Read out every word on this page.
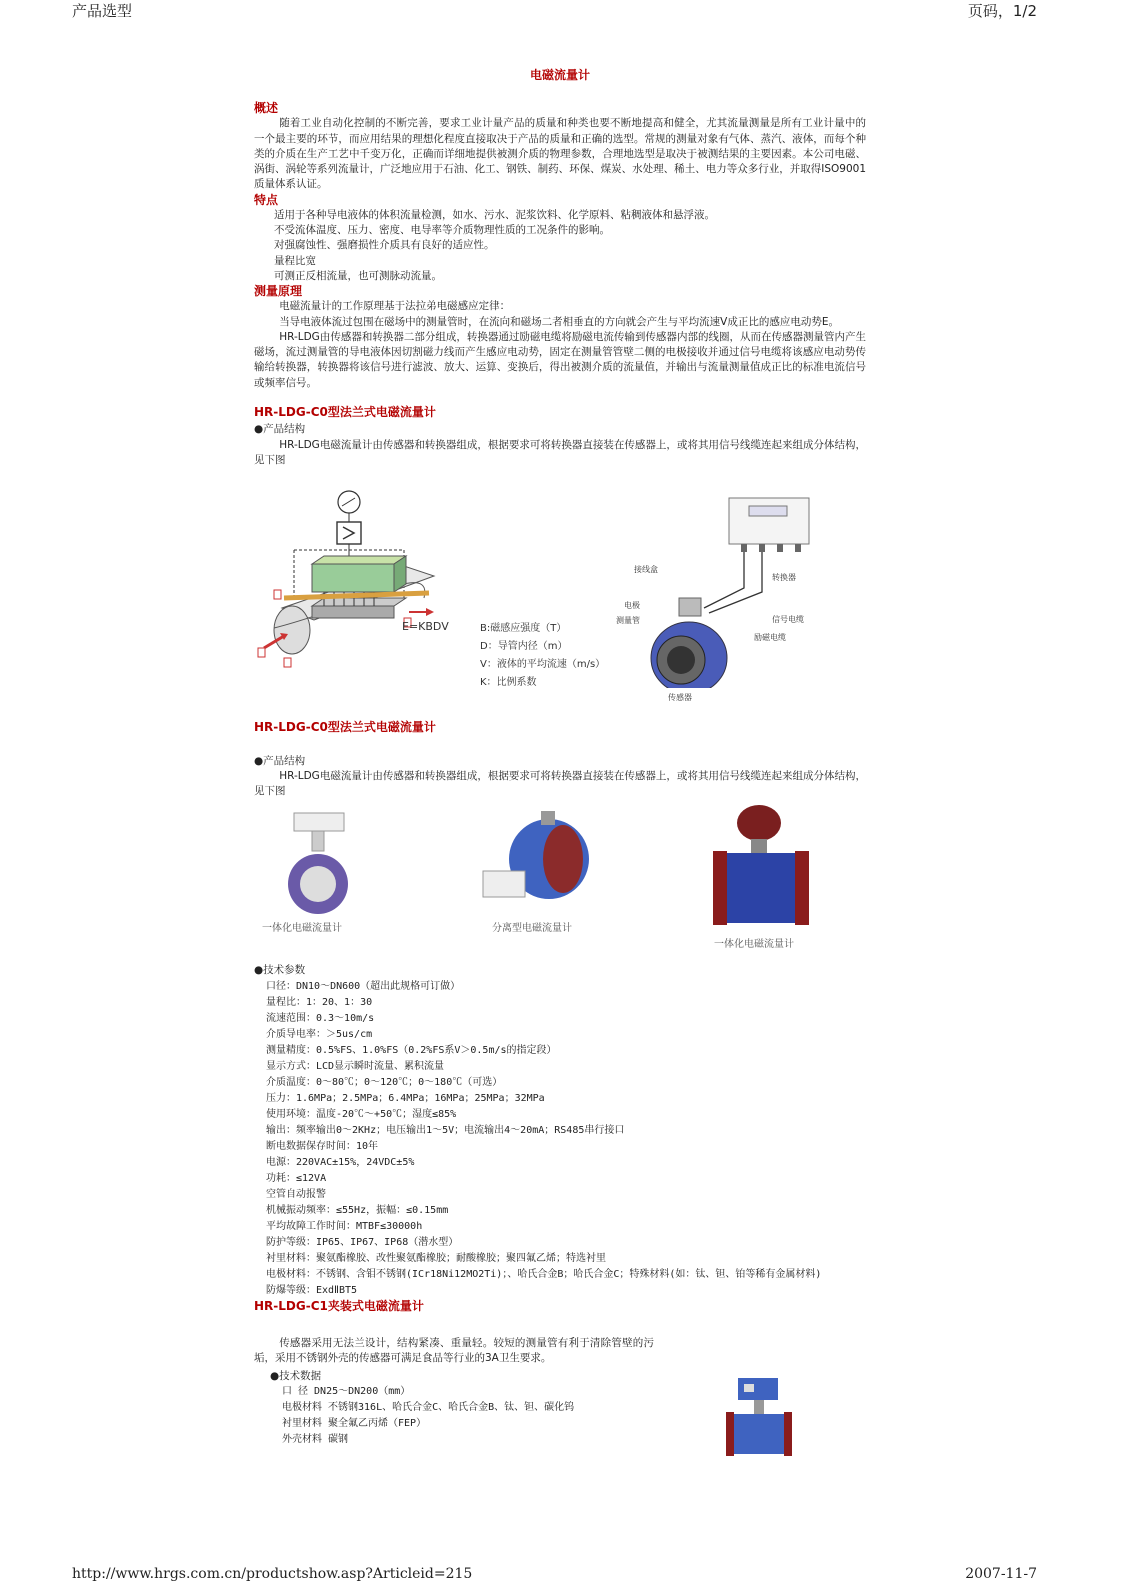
产品选型	页码，1/2
电磁流量计
概述

随着工业自动化控制的不断完善，要求工业计量产品的质量和种类也要不断地提高和健全，尤其流量测量是所有工业计量中的一个最主要的环节，而应用结果的理想化程度直接取决于产品的质量和正确的选型。常规的测量对象有气体、蒸汽、液体，而每个种类的介质在生产工艺中千变万化，正确而详细地提供被测介质的物理参数，合理地选型是取决于被测结果的主要因素。本公司电磁、涡街、涡轮等系列流量计，广泛地应用于石油、化工、钢铁、制药、环保、煤炭、水处理、稀土、电力等众多行业，并取得ISO9001质量体系认证。

特点
适用于各种导电液体的体积流量检测，如水、污水、泥浆饮料、化学原料、粘稠液体和悬浮液。
不受流体温度、压力、密度、电导率等介质物理性质的工况条件的影响。
对强腐蚀性、强磨损性介质具有良好的适应性。
量程比宽
可测正反相流量，也可测脉动流量。
测量原理

电磁流量计的工作原理基于法拉弟电磁感应定律：

当导电液体流过包围在磁场中的测量管时，在流向和磁场二者相垂直的方向就会产生与平均流速V成正比的感应电动势E。

HR-LDG由传感器和转换器二部分组成，转换器通过励磁电缆将励磁电流传输到传感器内部的线圈，从而在传感器测量管内产生磁场，流过测量管的导电液体因切割磁力线而产生感应电动势，固定在测量管管壁二侧的电极接收并通过信号电缆将该感应电动势传输给转换器，转换器将该信号进行滤波、放大、运算、变换后，得出被测介质的流量值，并输出与流量测量值成正比的标准电流信号或频率信号。

HR-LDG-C0型法兰式电磁流量计
●产品结构

HR-LDG电磁流量计由传感器和转换器组成，根据要求可将转换器直接装在传感器上，或将其用信号线缆连起来组成分体结构，见下图

E=KBDV	B:磁感应强度（T）
D：导管内径（m）
V：液体的平均流速（m/s）
K：比例系数
接线盒
转换器
电极
测量管	信号电缆
励磁电缆
传感器
HR-LDG-C0型法兰式电磁流量计
●产品结构

HR-LDG电磁流量计由传感器和转换器组成，根据要求可将转换器直接装在传感器上，或将其用信号线缆连起来组成分体结构，见下图

一体化电磁流量计	分离型电磁流量计
一体化电磁流量计
●技术参数
口径：DN10～DN600（超出此规格可订做）
量程比：1：20、1：30
流速范围：0.3～10m/s
介质导电率：＞5us/cm
测量精度：0.5%FS、1.0%FS（0.2%FS系V＞0.5m/s的指定段）
显示方式：LCD显示瞬时流量、累积流量
介质温度：0～80℃；0～120℃；0～180℃（可选）
压力：1.6MPa；2.5MPa；6.4MPa；16MPa；25MPa；32MPa
使用环境：温度-20℃～+50℃；湿度≤85%
输出：频率输出0～2KHz；电压输出1～5V；电流输出4～20mA；RS485串行接口
断电数据保存时间：10年
电源：220VAC±15%，24VDC±5%
功耗：≤12VA
空管自动报警
机械振动频率：≤55Hz，振幅：≤0.15mm
平均故障工作时间：MTBF≤30000h
防护等级：IP65、IP67、IP68（潜水型）
衬里材料：聚氨酯橡胶、改性聚氨酯橡胶；耐酸橡胶；聚四氟乙烯；特选衬里
电极材料：不锈钢、含钼不锈钢(ICr18Ni12MO2Ti)；、哈氏合金B；哈氏合金C；特殊材料(如：钛、钽、铂等稀有金属材料)
防爆等级：ExdⅡBT5
HR-LDG-C1夹装式电磁流量计

传感器采用无法兰设计，结构紧凑、重量轻。较短的测量管有利于清除管壁的污垢，采用不锈钢外壳的传感器可满足食品等行业的3A卫生要求。

●技术数据
口 径 DN25～DN200（mm）
电极材料 不锈钢316L、哈氏合金C、哈氏合金B、钛、钽、碳化钨
衬里材料 聚全氟乙丙烯（FEP）
外壳材料 碳钢
http://www.hrgs.com.cn/productshow.asp?Articleid=215	2007-11-7
